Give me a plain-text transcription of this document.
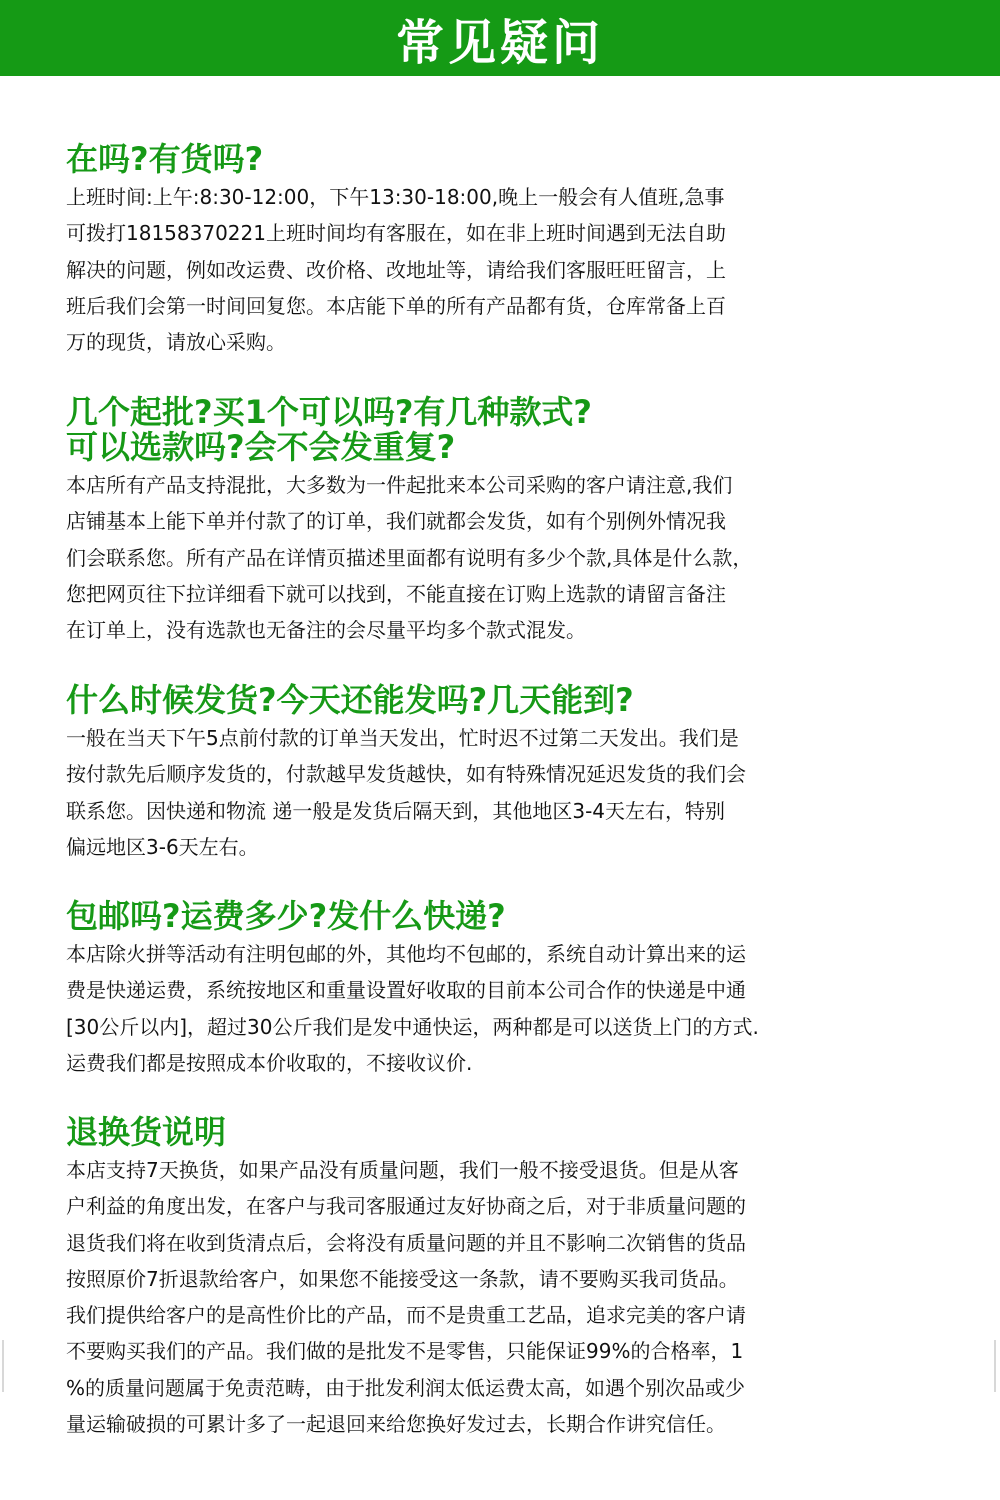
常见疑问
在吗?有货吗?
上班时间:上午:8:30-12:00，下午13:30-18:00,晚上一般会有人值班,急事
可拨打18158370221上班时间均有客服在，如在非上班时间遇到无法自助
解决的问题，例如改运费、改价格、改地址等，请给我们客服旺旺留言，上
班后我们会第一时间回复您。本店能下单的所有产品都有货，仓库常备上百
万的现货，请放心采购。
几个起批?买1个可以吗?有几种款式?
可以选款吗?会不会发重复?
本店所有产品支持混批，大多数为一件起批来本公司采购的客户请注意,我们
店铺基本上能下单并付款了的订单，我们就都会发货，如有个别例外情况我
们会联系您。所有产品在详情页描述里面都有说明有多少个款,具体是什么款，
您把网页往下拉详细看下就可以找到，不能直接在订购上选款的请留言备注
在订单上，没有选款也无备注的会尽量平均多个款式混发。
什么时候发货?今天还能发吗?几天能到?
一般在当天下午5点前付款的订单当天发出，忙时迟不过第二天发出。我们是
按付款先后顺序发货的，付款越早发货越快，如有特殊情况延迟发货的我们会
联系您。因快递和物流 递一般是发货后隔天到，其他地区3-4天左右，特别
偏远地区3-6天左右。
包邮吗?运费多少?发什么快递?
本店除火拼等活动有注明包邮的外，其他均不包邮的，系统自动计算出来的运
费是快递运费，系统按地区和重量设置好收取的目前本公司合作的快递是中通
[30公斤以内]，超过30公斤我们是发中通快运，两种都是可以送货上门的方式.
运费我们都是按照成本价收取的，不接收议价.
退换货说明
本店支持7天换货，如果产品没有质量问题，我们一般不接受退货。但是从客
户利益的角度出发，在客户与我司客服通过友好协商之后，对于非质量问题的
退货我们将在收到货清点后，会将没有质量问题的并且不影响二次销售的货品
按照原价7折退款给客户，如果您不能接受这一条款，请不要购买我司货品。
我们提供给客户的是高性价比的产品，而不是贵重工艺品，追求完美的客户请
不要购买我们的产品。我们做的是批发不是零售，只能保证99%的合格率，1
%的质量问题属于免责范畴，由于批发利润太低运费太高，如遇个别次品或少
量运输破损的可累计多了一起退回来给您换好发过去，长期合作讲究信任。
